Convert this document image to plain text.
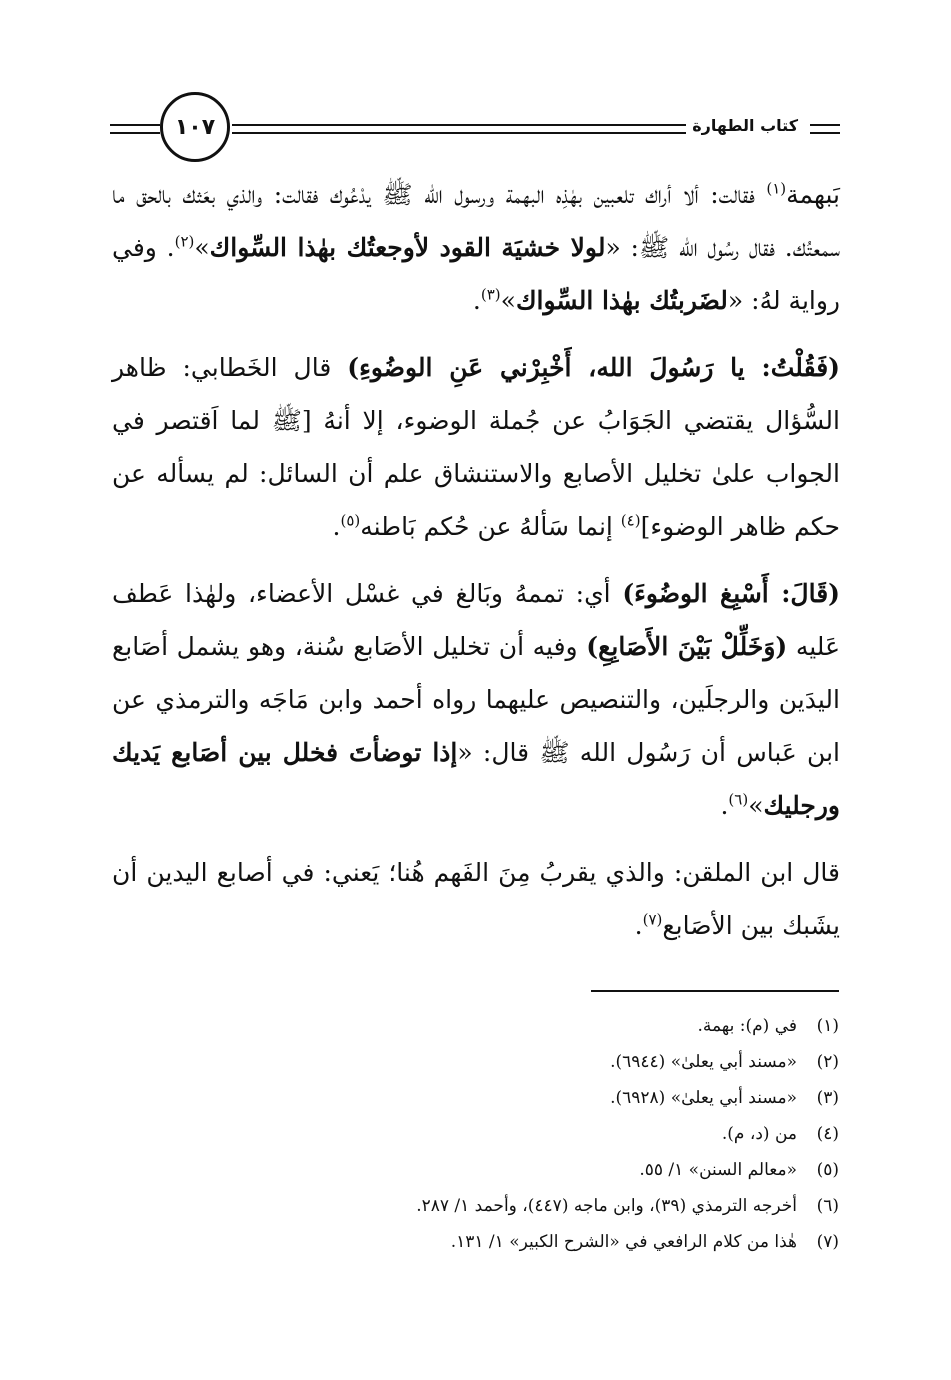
١٠٧	كتاب الطهارة

بَبهمة$^{(١)}$ فقالت: ألا أراك تلعبين بهٰذِه البهمة ورسول الله ﷺ يدْعُوك فقالت: والذي بعَثك بالحق ما سمعتُك. فقال رسُول الله ﷺ: «لولا خشيَة القود لأوجعتُك بهٰذا السِّواك»$^{(٢)}$. وفي رواية لهُ: «لضَربتُك بهٰذا السِّواك»$^{(٣)}$.

(فَقُلْتُ: يا رَسُولَ الله، أَخْبِرْني عَنِ الوضُوءِ) قال الخَطابي: ظاهر السُّؤال يقتضي الجَوَابُ عن جُملة الوضوء، إلا أنهُ [ﷺ لما اَقتصر في الجواب علىٰ تخليل الأصابع والاستنشاق علم أن السائل: لم يسأله عن حكم ظاهر الوضوء]$^{(٤)}$ إنما سَألهُ عن حُكم بَاطنه$^{(٥)}$.

(قَالَ: أَسْبِغ الوضُوءَ) أي: تممهُ وبَالغ في غسْل الأعضاء، ولهٰذا عَطف عَليه (وَخَلِّلْ بَيْنَ الأَصَابِعِ) وفيه أن تخليل الأصَابع سُنة، وهو يشمل أصَابع اليدَين والرجلَين، والتنصيص عليهما رواه أحمد وابن مَاجَه والترمذي عن ابن عَباس أن رَسُول الله ﷺ قال: «إذا توضأتَ فخلل بين أصَابع يَديك ورجليك»$^{(٦)}$.

قال ابن الملقن: والذي يقربُ مِنَ الفَهم هُنا؛ يَعني: في أصابع اليدين أن يشَبك بين الأصَابع$^{(٧)}$.

(١)
في (م): بهمة.
(٢)
«مسند أبي يعلىٰ» (٦٩٤٤).
(٣)
«مسند أبي يعلىٰ» (٦٩٢٨).
(٤)
من (د، م).
(٥)
«معالم السنن» ١/ ٥٥.
(٦)
أخرجه الترمذي (٣٩)، وابن ماجه (٤٤٧)، وأحمد ١/ ٢٨٧.
(٧)
هٰذا من كلام الرافعي في «الشرح الكبير» ١/ ١٣١.
